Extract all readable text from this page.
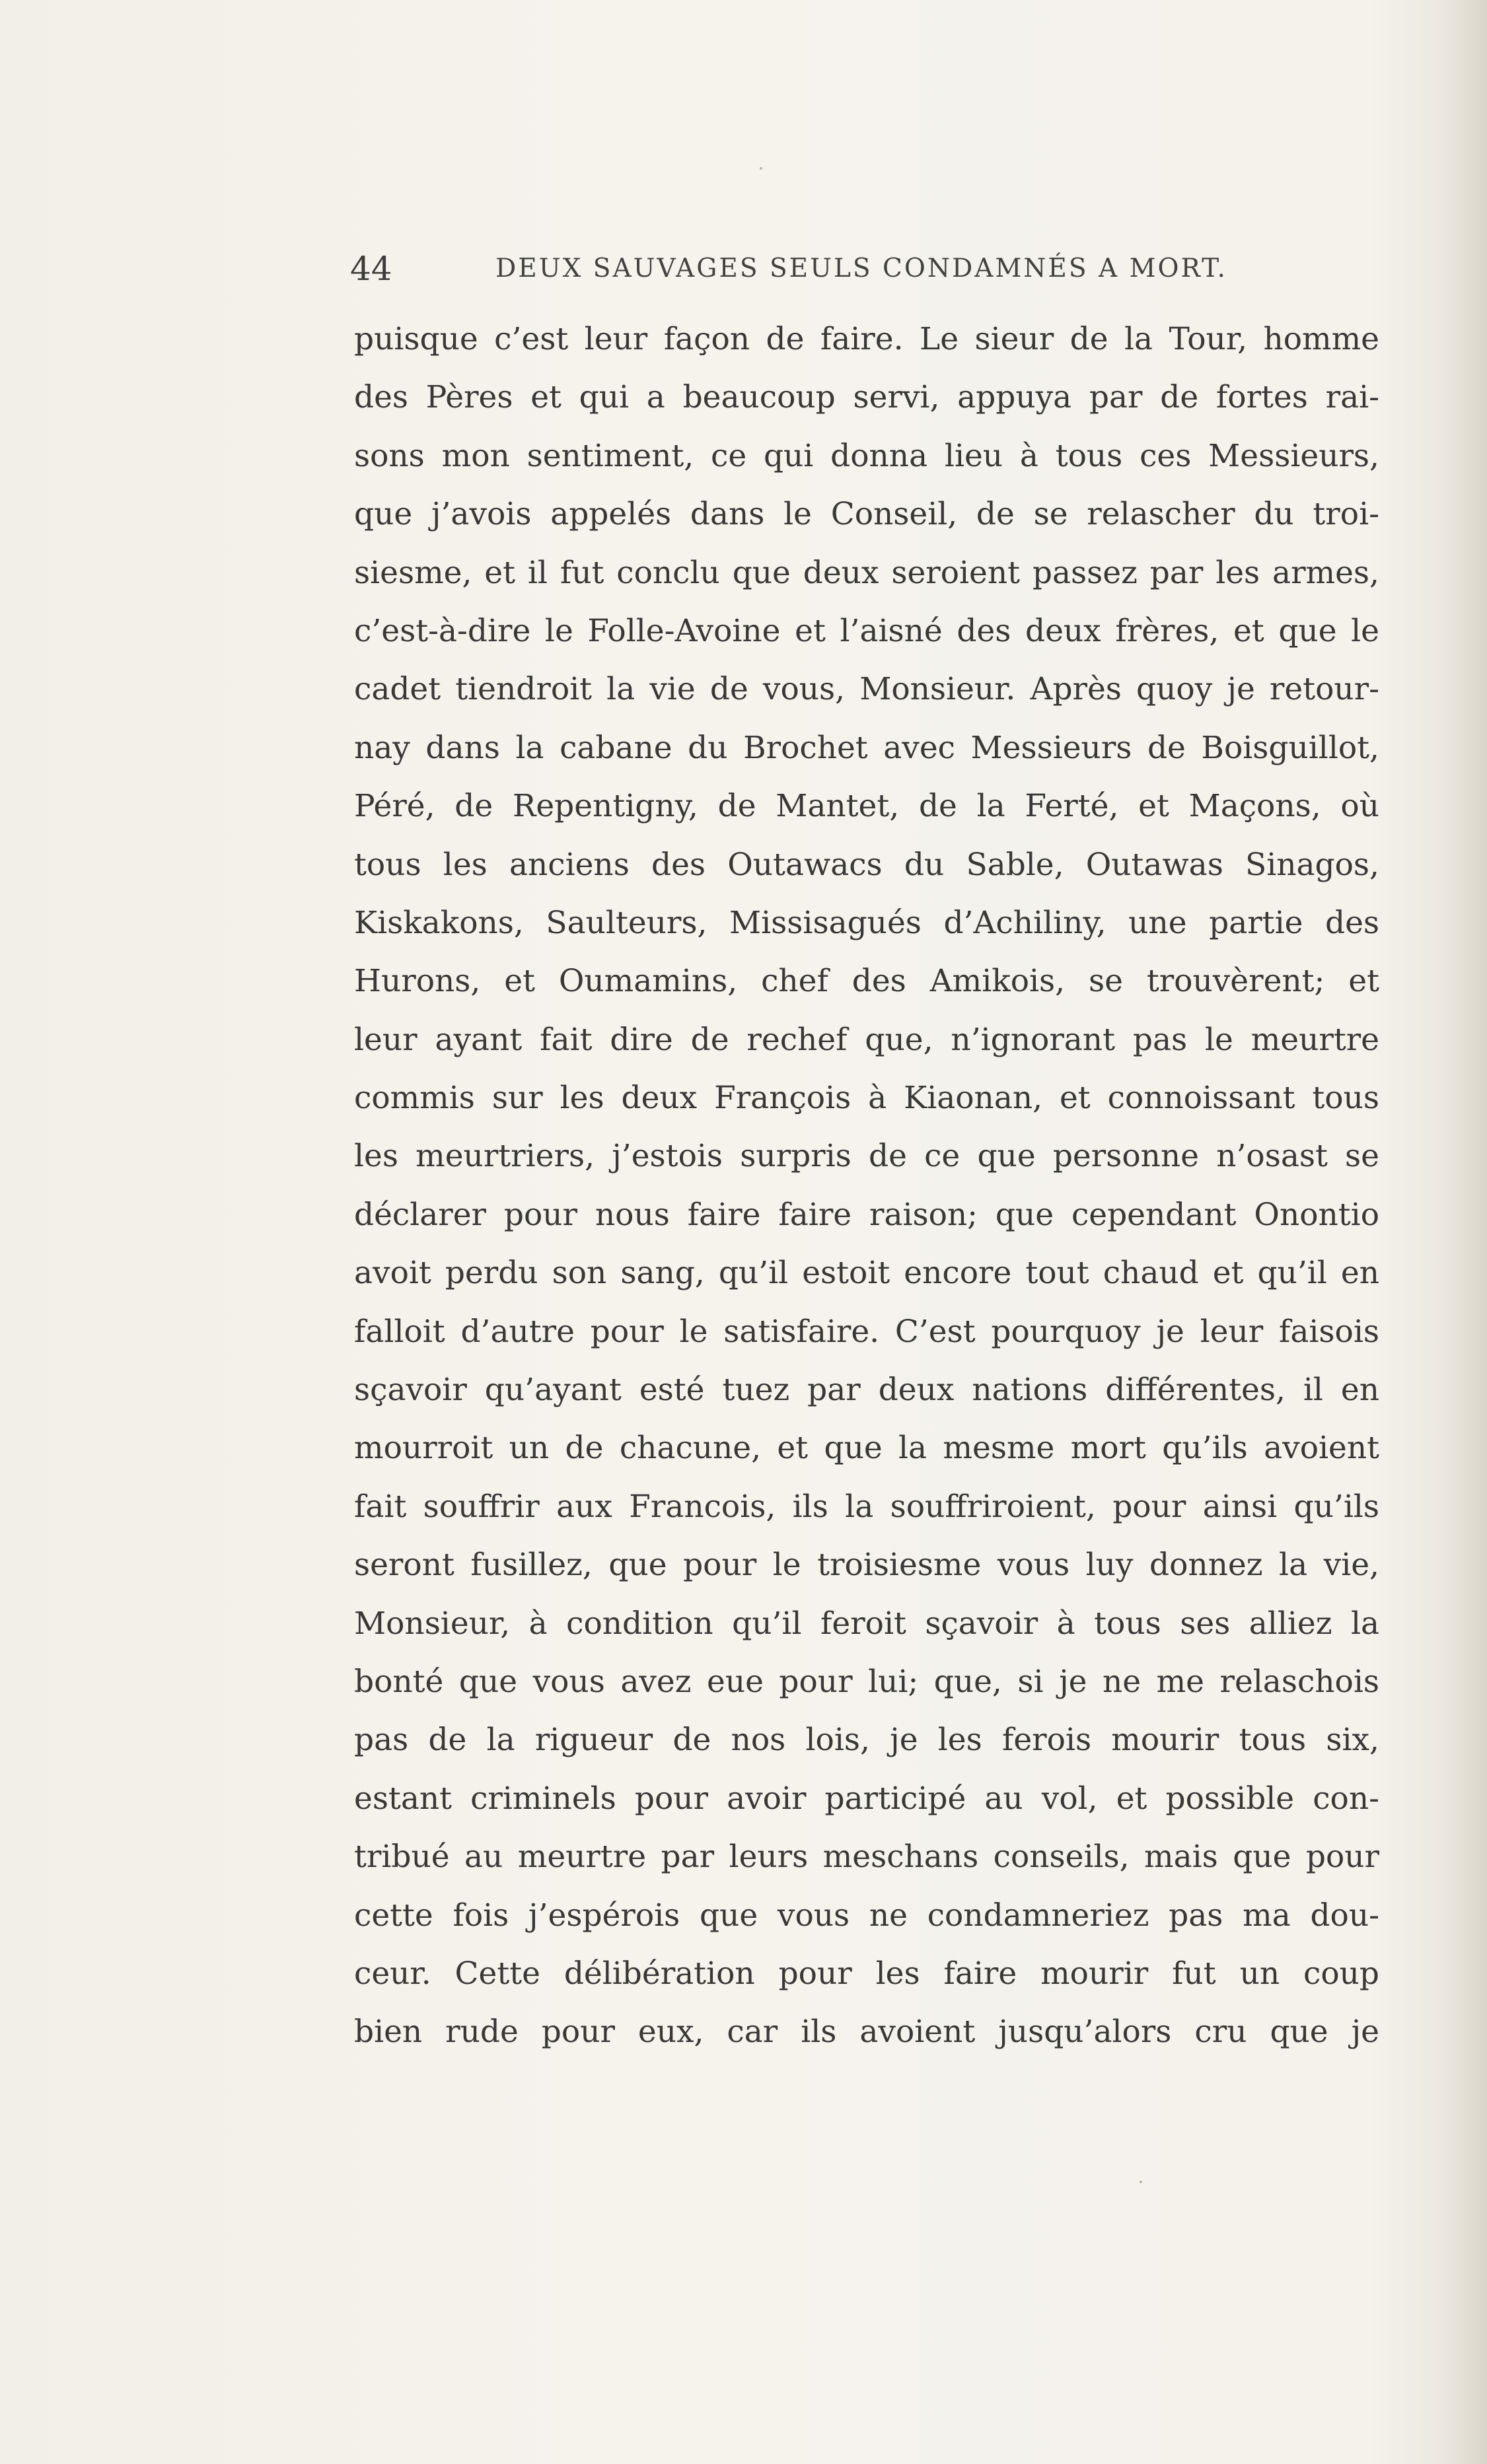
44	DEUX SAUVAGES SEULS CONDAMNÉS A MORT.
puisque c’est leur façon de faire. Le sieur de la Tour, homme
des Pères et qui a beaucoup servi, appuya par de fortes rai-
sons mon sentiment, ce qui donna lieu à tous ces Messieurs,
que j’avois appelés dans le Conseil, de se relascher du troi-
siesme, et il fut conclu que deux seroient passez par les armes,
c’est-à-dire le Folle-Avoine et l’aisné des deux frères, et que le
cadet tiendroit la vie de vous, Monsieur. Après quoy je retour-
nay dans la cabane du Brochet avec Messieurs de Boisguillot,
Péré, de Repentigny, de Mantet, de la Ferté, et Maçons, où
tous les anciens des Outawacs du Sable, Outawas Sinagos,
Kiskakons, Saulteurs, Missisagués d’Achiliny, une partie des
Hurons, et Oumamins, chef des Amikois, se trouvèrent; et
leur ayant fait dire de rechef que, n’ignorant pas le meurtre
commis sur les deux François à Kiaonan, et connoissant tous
les meurtriers, j’estois surpris de ce que personne n’osast se
déclarer pour nous faire faire raison; que cependant Onontio
avoit perdu son sang, qu’il estoit encore tout chaud et qu’il en
falloit d’autre pour le satisfaire. C’est pourquoy je leur faisois
sçavoir qu’ayant esté tuez par deux nations différentes, il en
mourroit un de chacune, et que la mesme mort qu’ils avoient
fait souffrir aux Francois, ils la souffriroient, pour ainsi qu’ils
seront fusillez, que pour le troisiesme vous luy donnez la vie,
Monsieur, à condition qu’il feroit sçavoir à tous ses alliez la
bonté que vous avez eue pour lui; que, si je ne me relaschois
pas de la rigueur de nos lois, je les ferois mourir tous six,
estant criminels pour avoir participé au vol, et possible con-
tribué au meurtre par leurs meschans conseils, mais que pour
cette fois j’espérois que vous ne condamneriez pas ma dou-
ceur. Cette délibération pour les faire mourir fut un coup
bien rude pour eux, car ils avoient jusqu’alors cru que je
